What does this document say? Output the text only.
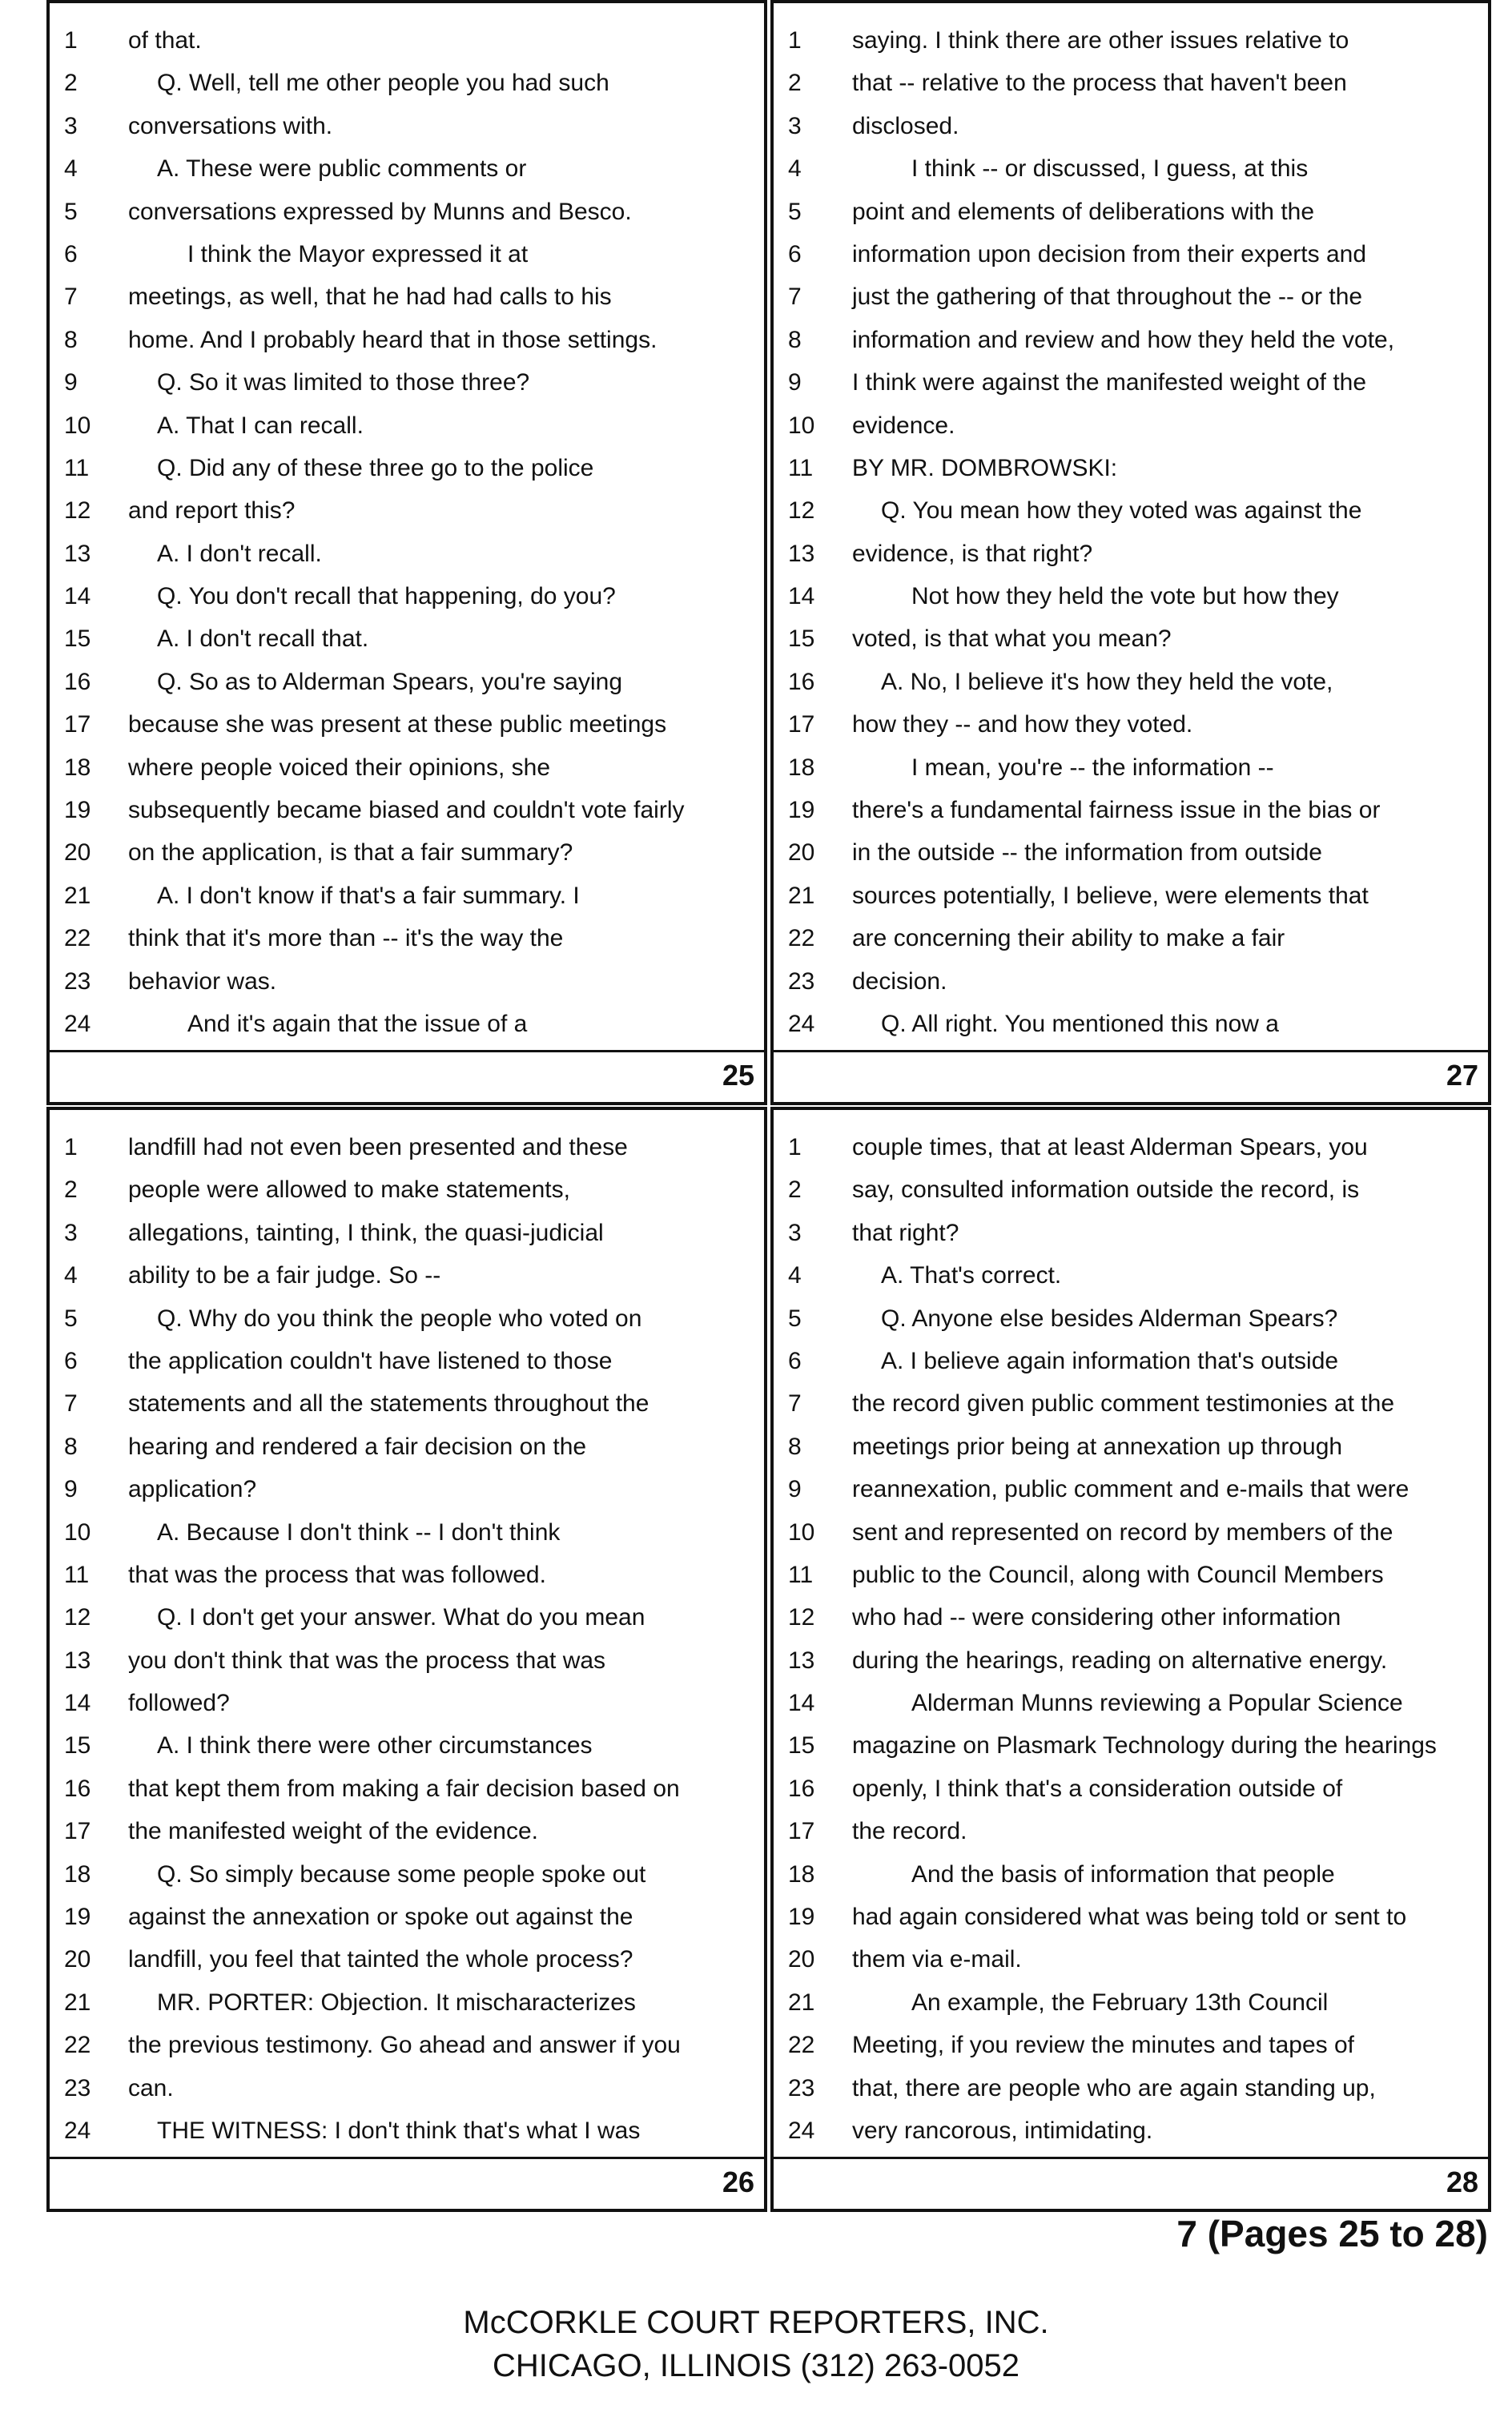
1	of that.
2	Q. Well, tell me other people you had such
3	conversations with.
4	A. These were public comments or
5	conversations expressed by Munns and Besco.
6	I think the Mayor expressed it at
7	meetings, as well, that he had had calls to his
8	home. And I probably heard that in those settings.
9	Q. So it was limited to those three?
10	A. That I can recall.
11	Q. Did any of these three go to the police
12 and report this?
13	A. I don't recall.
14	Q. You don't recall that happening, do you?
15	A. I don't recall that.
16	Q. So as to Alderman Spears, you're saying
17 because she was present at these public meetings
18 where people voiced their opinions, she
19 subsequently became biased and couldn't vote fairly
20 on the application, is that a fair summary?
21	A. I don't know if that's a fair summary. I
22 think that it's more than -- it's the way the
23 behavior was.
24	And it's again that the issue of a
25
1	saying. I think there are other issues relative to
2	that -- relative to the process that haven't been
3	disclosed.
4	I think -- or discussed, I guess, at this
5	point and elements of deliberations with the
6	information upon decision from their experts and
7	just the gathering of that throughout the -- or the
8	information and review and how they held the vote,
9	I think were against the manifested weight of the
10 evidence.
11 BY MR. DOMBROWSKI:
12	Q. You mean how they voted was against the
13 evidence, is that right?
14	Not how they held the vote but how they
15 voted, is that what you mean?
16	A. No, I believe it's how they held the vote,
17 how they -- and how they voted.
18	I mean, you're -- the information --
19 there's a fundamental fairness issue in the bias or
20 in the outside -- the information from outside
21 sources potentially, I believe, were elements that
22 are concerning their ability to make a fair
23 decision.
24	Q. All right. You mentioned this now a
27
1	landfill had not even been presented and these
2	people were allowed to make statements,
3	allegations, tainting, I think, the quasi-judicial
4	ability to be a fair judge. So --
5	Q. Why do you think the people who voted on
6	the application couldn't have listened to those
7	statements and all the statements throughout the
8	hearing and rendered a fair decision on the
9	application?
10	A. Because I don't think -- I don't think
11 that was the process that was followed.
12	Q. I don't get your answer. What do you mean
13 you don't think that was the process that was
14 followed?
15	A. I think there were other circumstances
16 that kept them from making a fair decision based on
17 the manifested weight of the evidence.
18	Q. So simply because some people spoke out
19 against the annexation or spoke out against the
20 landfill, you feel that tainted the whole process?
21	MR. PORTER: Objection. It mischaracterizes
22 the previous testimony. Go ahead and answer if you
23 can.
24	THE WITNESS: I don't think that's what I was
26
1	couple times, that at least Alderman Spears, you
2	say, consulted information outside the record, is
3	that right?
4	A. That's correct.
5	Q. Anyone else besides Alderman Spears?
6	A. I believe again information that's outside
7	the record given public comment testimonies at the
8	meetings prior being at annexation up through
9	reannexation, public comment and e-mails that were
10 sent and represented on record by members of the
11 public to the Council, along with Council Members
12 who had -- were considering other information
13 during the hearings, reading on alternative energy.
14	Alderman Munns reviewing a Popular Science
15 magazine on Plasmark Technology during the hearings
16 openly, I think that's a consideration outside of
17 the record.
18	And the basis of information that people
19 had again considered what was being told or sent to
20 them via e-mail.
21	An example, the February 13th Council
22 Meeting, if you review the minutes and tapes of
23 that, there are people who are again standing up,
24 very rancorous, intimidating.
28
7 (Pages 25 to 28)
McCORKLE COURT REPORTERS, INC.
CHICAGO, ILLINOIS (312) 263-0052
